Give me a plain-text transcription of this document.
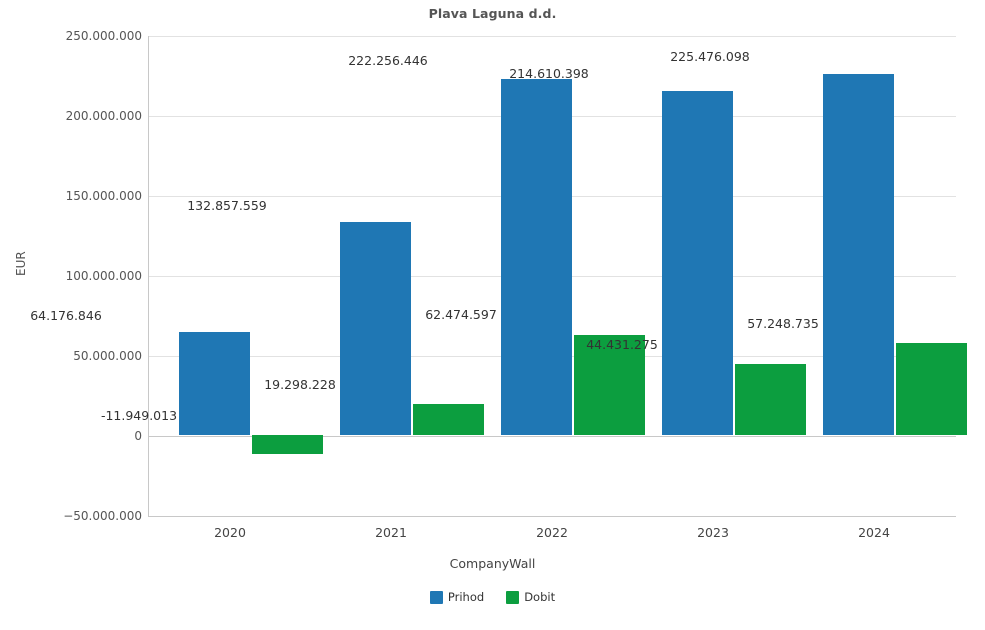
Plava Laguna d.d.
EUR
250.000.000
200.000.000
150.000.000
100.000.000
50.000.000
0
−50.000.000
64.176.846
-11.949.013
132.857.559
19.298.228
222.256.446
62.474.597
214.610.398
44.431.275
225.476.098
57.248.735
2020	2021	2022	2023	2024
CompanyWall
Prihod	Dobit
